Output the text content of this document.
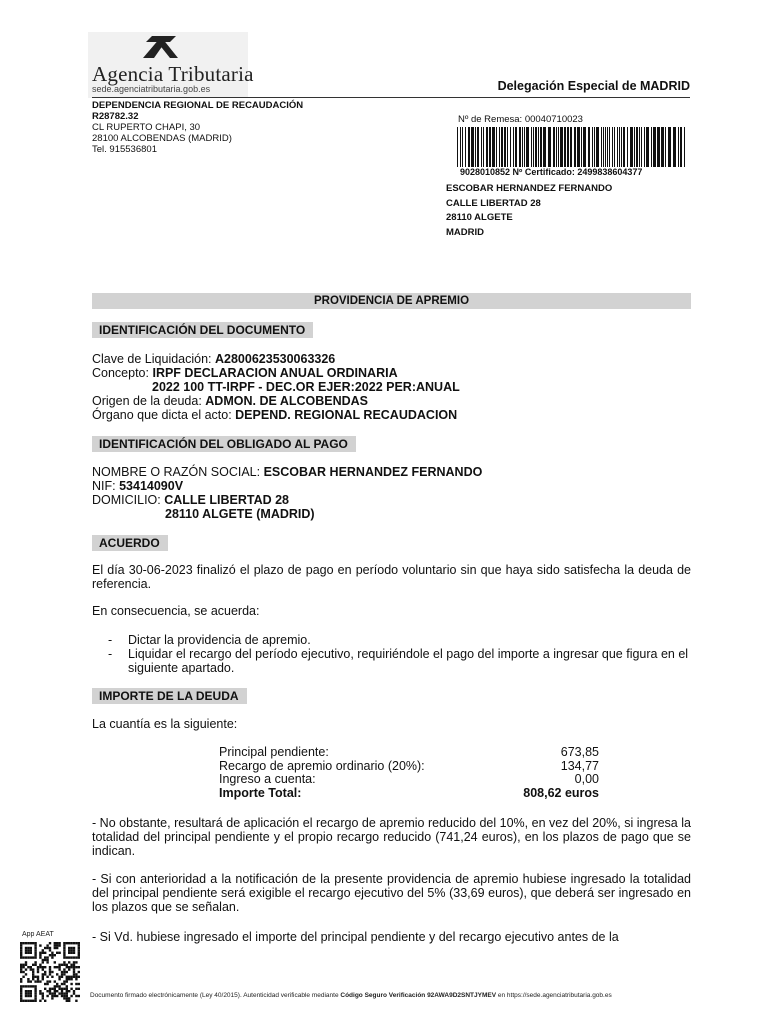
Agencia Tributaria
sede.agenciatributaria.gob.es	Delegación Especial de MADRID
DEPENDENCIA REGIONAL DE RECAUDACIÓN
R28782.32
CL RUPERTO CHAPI, 30
28100 ALCOBENDAS (MADRID)
Tel. 915536801
Nº de Remesa: 00040710023
9028010852 Nº Certificado: 2499838604377
ESCOBAR HERNANDEZ FERNANDO
CALLE LIBERTAD 28
28110 ALGETE
MADRID
PROVIDENCIA DE APREMIO
IDENTIFICACIÓN DEL DOCUMENTO
Clave de Liquidación: A2800623530063326
Concepto: IRPF DECLARACION ANUAL ORDINARIA
2022 100 TT-IRPF - DEC.OR EJER:2022 PER:ANUAL
Origen de la deuda: ADMON. DE ALCOBENDAS
Órgano que dicta el acto: DEPEND. REGIONAL RECAUDACION
IDENTIFICACIÓN DEL OBLIGADO AL PAGO
NOMBRE O RAZÓN SOCIAL: ESCOBAR HERNANDEZ FERNANDO
NIF: 53414090V
DOMICILIO: CALLE LIBERTAD 28
28110 ALGETE (MADRID)
ACUERDO
El día 30-06-2023 finalizó el plazo de pago en período voluntario sin que haya sido satisfecha la deuda de referencia.
En consecuencia, se acuerda:
-	Dictar la providencia de apremio.
-	Liquidar el recargo del período ejecutivo, requiriéndole el pago del importe a ingresar que figura en el siguiente apartado.
IMPORTE DE LA DEUDA
La cuantía es la siguiente:
Principal pendiente:	673,85
Recargo de apremio ordinario (20%):	134,77
Ingreso a cuenta:	0,00
Importe Total:	808,62 euros
- No obstante, resultará de aplicación el recargo de apremio reducido del 10%, en vez del 20%, si ingresa la totalidad del principal pendiente y el propio recargo reducido (741,24 euros), en los plazos de pago que se indican.
- Si con anterioridad a la notificación de la presente providencia de apremio hubiese ingresado la totalidad del principal pendiente será exigible el recargo ejecutivo del 5% (33,69 euros), que deberá ser ingresado en los plazos que se señalan.
- Si Vd. hubiese ingresado el importe del principal pendiente y del recargo ejecutivo antes de la
App AEAT
Documento firmado electrónicamente (Ley 40/2015). Autenticidad verificable mediante Código Seguro Verificación 92AWA9D2SNTJYMEV en https://sede.agenciatributaria.gob.es
